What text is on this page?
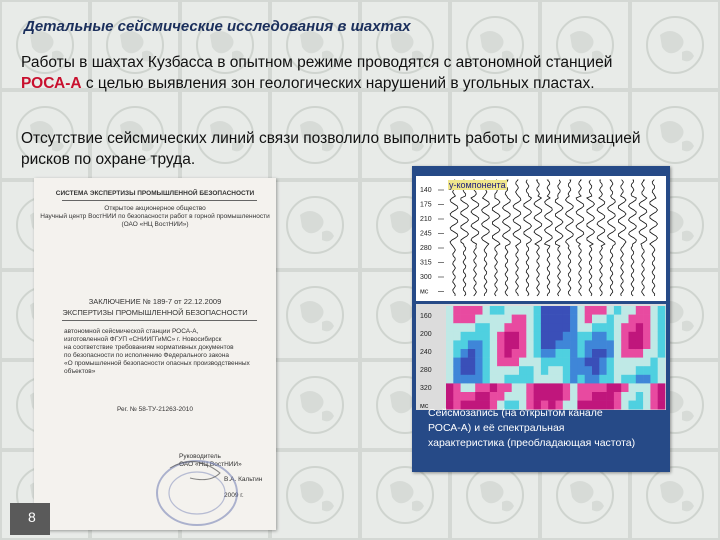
Детальные сейсмические исследования в шахтах
Работы в шахтах Кузбасса в опытном режиме проводятся с автономной станцией РОСА-А с целью выявления зон геологических нарушений в угольных пластах.
Отсутствие сейсмических линий связи позволило выполнить работы с минимизацией рисков по охране труда.
СИСТЕМА ЭКСПЕРТИЗЫ ПРОМЫШЛЕННОЙ БЕЗОПАСНОСТИ
Открытое акционерное общество
Научный центр ВостНИИ по безопасности работ в горной промышленности
(ОАО «НЦ ВостНИИ»)
ЗАКЛЮЧЕНИЕ № 189-7 от 22.12.2009
ЭКСПЕРТИЗЫ ПРОМЫШЛЕННОЙ БЕЗОПАСНОСТИ
автономной сейсмической станции РОСА-А,
изготовленной ФГУП «СНИИГГиМС» г. Новосибирск
на соответствие требованиям нормативных документов
по безопасности по исполнению Федерального закона
«О промышленной безопасности опасных производственных
объектов»
Рег. № 58-ТУ-21263-2010
Руководитель
ОАО «НЦ ВостНИИ»
В.А. Кальтин
2009 г.
8
140
175
210
245
280
315
300
мс
160
200
240
280
320
мс
y-компонента
Сейсмозапись (на открытом канале РОСА-А) и её спектральная характеристика (преобладающая частота)
